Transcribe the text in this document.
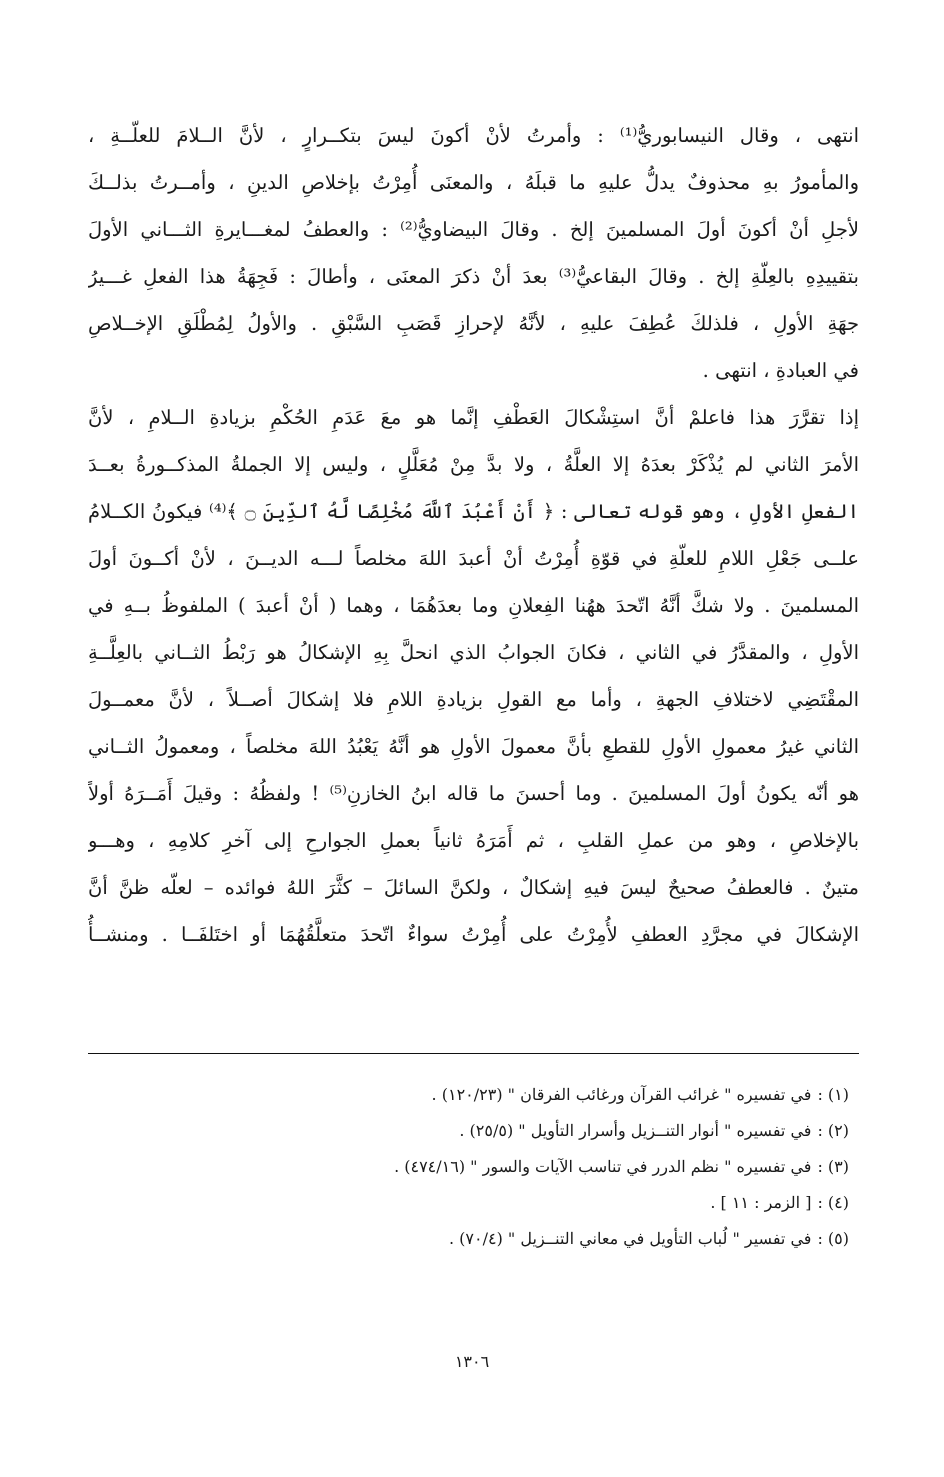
انتهى ، وقال النيسابوريُّ⁽¹⁾ : وأمرتُ لأنْ أكونَ ليسَ بتكــرارٍ ، لأنَّ الــلامَ للعلّــةِ ،
والمأمورُ بهِ محذوفٌ يدلُّ عليهِ ما قبلَهُ ، والمعنَى أُمِرْتُ بإخلاصِ الدينِ ، وأمــرتُ بذلــكَ
لأجلِ أنْ أكونَ أولَ المسلمينَ إلخ . وقالَ البيضاويُّ⁽²⁾ : والعطفُ لمغـــايرةِ الثـــاني الأولَ
بتقييدِهِ بالعِلّةِ إلخ . وقالَ البقاعيُّ⁽³⁾ بعدَ أنْ ذكرَ المعنَى ، وأطالَ : فَجِهَةُ هذا الفعلِ غـــيرُ
جهَةِ الأولِ ، فلذلكَ عُطِفَ عليهِ ، لأنَّهُ لإحرازِ قَصَبِ السَّبْقِ . والأولُ لِمُطْلَقِ الإخــلاصِ
في العبادةِ ، انتهى .
إذا تقرَّرَ هذا فاعلمْ أنَّ استِشْكالَ العَطْفِ إنَّما هو معَ عَدَمِ الحُكْمِ بزيادةِ الــلامِ ، لأنَّ
الأمرَ الثاني لم يُذْكَرْ بعدَهُ إلا العلَّةُ ، ولا بدَّ مِنْ مُعَلَّلٍ ، وليس إلا الجملةُ المذكــورةُ بعــدَ
الفعلِ الأولِ ، وهو قوله تعالى : ﴿ أَنْ أَعْبُدَ ٱللَّهَ مُخْلِصًا لَّهُ ٱلدِّينَ ۝ ﴾⁽⁴⁾ فيكونُ الكــلامُ
علــى جَعْلِ اللامِ للعلّةِ في قوّةِ أُمِرْتُ أنْ أعبدَ اللهَ مخلصاً لـــه الديــنَ ، لأنْ أكــونَ أولَ
المسلمينَ . ولا شكَّ أنَّهُ اتّحدَ ههُنا الفِعلانِ وما بعدَهُمَا ، وهما ( أنْ أعبدَ ) الملفوظُ بــهِ في
الأولِ ، والمقدَّرُ في الثاني ، فكانَ الجوابُ الذي انحلَّ بِهِ الإشكالُ هو رَبْطُ الثــاني بالعِلَّــةِ
المقْتَضِي لاختلافِ الجهةِ ، وأما مع القولِ بزيادةِ اللامِ فلا إشكالَ أصــلاً ، لأنَّ معمــولَ
الثاني غيرُ معمولِ الأولِ للقطعِ بأنَّ معمولَ الأولِ هو أنَّهُ يَعْبُدُ اللهَ مخلصاً ، ومعمولُ الثــاني
هو أنّه يكونُ أولَ المسلمينَ . وما أحسنَ ما قاله ابنُ الخازنِ⁽⁵⁾ ! ولفظُهُ : وقيلَ أَمَــرَهُ أولاً
بالإخلاصِ ، وهو من عملِ القلبِ ، ثم أَمَرَهُ ثانياً بعملِ الجوارحِ إلى آخرِ كلامِهِ ، وهـــو
متينٌ . فالعطفُ صحيحٌ ليسَ فيهِ إشكالٌ ، ولكنَّ السائلَ – كثَّرَ اللهُ فوائده – لعلّه ظنَّ أنَّ
الإشكالَ في مجرَّدِ العطفِ لأُمِرْتُ على أُمِرْتُ سواءٌ اتّحدَ متعلَّقُهُمَا أو اختَلفَــا . ومنشــأُ
(١) :في تفسيره " غرائب القرآن ورغائب الفرقان " (١٢٠/٢٣) .
(٢) :في تفسيره " أنوار التنــزيل وأسرار التأويل " (٢٥/٥) .
(٣) :في تفسيره " نظم الدرر في تناسب الآيات والسور " (٤٧٤/١٦) .
(٤) :[ الزمر : ١١ ] .
(٥) :في تفسير " لُباب التأويل في معاني التنــزيل " (٧٠/٤) .
١٣٠٦
